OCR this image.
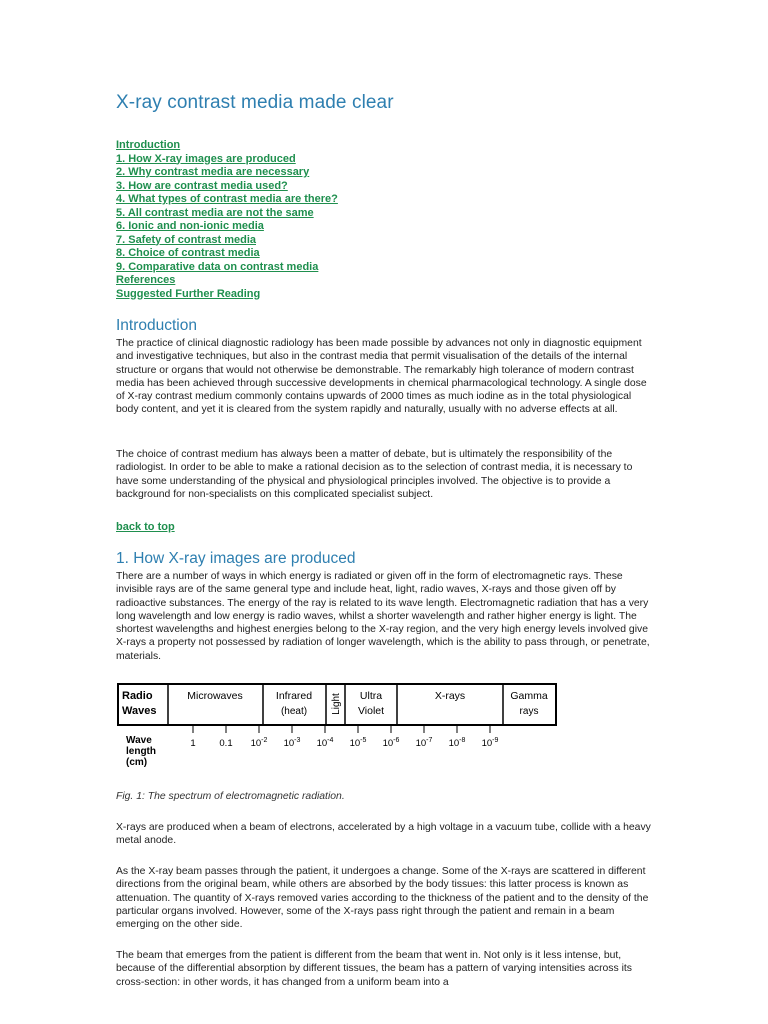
X-ray contrast media made clear
Introduction
1. How X-ray images are produced
2. Why contrast media are necessary
3. How are contrast media used?
4. What types of contrast media are there?
5. All contrast media are not the same
6. Ionic and non-ionic media
7. Safety of contrast media
8. Choice of contrast media
9. Comparative data on contrast media
References
Suggested Further Reading
Introduction

The practice of clinical diagnostic radiology has been made possible by advances not only in diagnostic equipment and investigative techniques, but also in the contrast media that permit visualisation of the details of the internal structure or organs that would not otherwise be demonstrable. The remarkably high tolerance of modern contrast media has been achieved through successive developments in chemical pharmacological technology. A single dose of X-ray contrast medium commonly contains upwards of 2000 times as much iodine as in the total physiological body content, and yet it is cleared from the system rapidly and naturally, usually with no adverse effects at all.

The choice of contrast medium has always been a matter of debate, but is ultimately the responsibility of the radiologist. In order to be able to make a rational decision as to the selection of contrast media, it is necessary to have some understanding of the physical and physiological principles involved. The objective is to provide a background for non-specialists on this complicated specialist subject.

back to top
1. How X-ray images are produced

There are a number of ways in which energy is radiated or given off in the form of electromagnetic rays. These invisible rays are of the same general type and include heat, light, radio waves, X-rays and those given off by radioactive substances. The energy of the ray is related to its wave length. Electromagnetic radiation that has a very long wavelength and low energy is radio waves, whilst a shorter wavelength and rather higher energy is light. The shortest wavelengths and highest energies belong to the X-ray region, and the very high energy levels involved give X-rays a property not possessed by radiation of longer wavelength, which is the ability to pass through, or penetrate, materials.

Radio
Waves
Microwaves	Infrared
(heat) Light Ultra
Violet
X-rays	Gamma
rays
Wave
length
(cm)
1 0.1 $10^{-2}$ $10^{-3}$ $10^{-4}$ $10^{-5}$ $10^{-6}$ $10^{-7}$ $10^{-8}$ $10^{-9}$

Fig. 1: The spectrum of electromagnetic radiation.

X-rays are produced when a beam of electrons, accelerated by a high voltage in a vacuum tube, collide with a heavy metal anode.

As the X-ray beam passes through the patient, it undergoes a change. Some of the X-rays are scattered in different directions from the original beam, while others are absorbed by the body tissues: this latter process is known as attenuation. The quantity of X-rays removed varies according to the thickness of the patient and to the density of the particular organs involved. However, some of the X-rays pass right through the patient and remain in a beam emerging on the other side.

The beam that emerges from the patient is different from the beam that went in. Not only is it less intense, but, because of the differential absorption by different tissues, the beam has a pattern of varying intensities across its cross-section: in other words, it has changed from a uniform beam into a
